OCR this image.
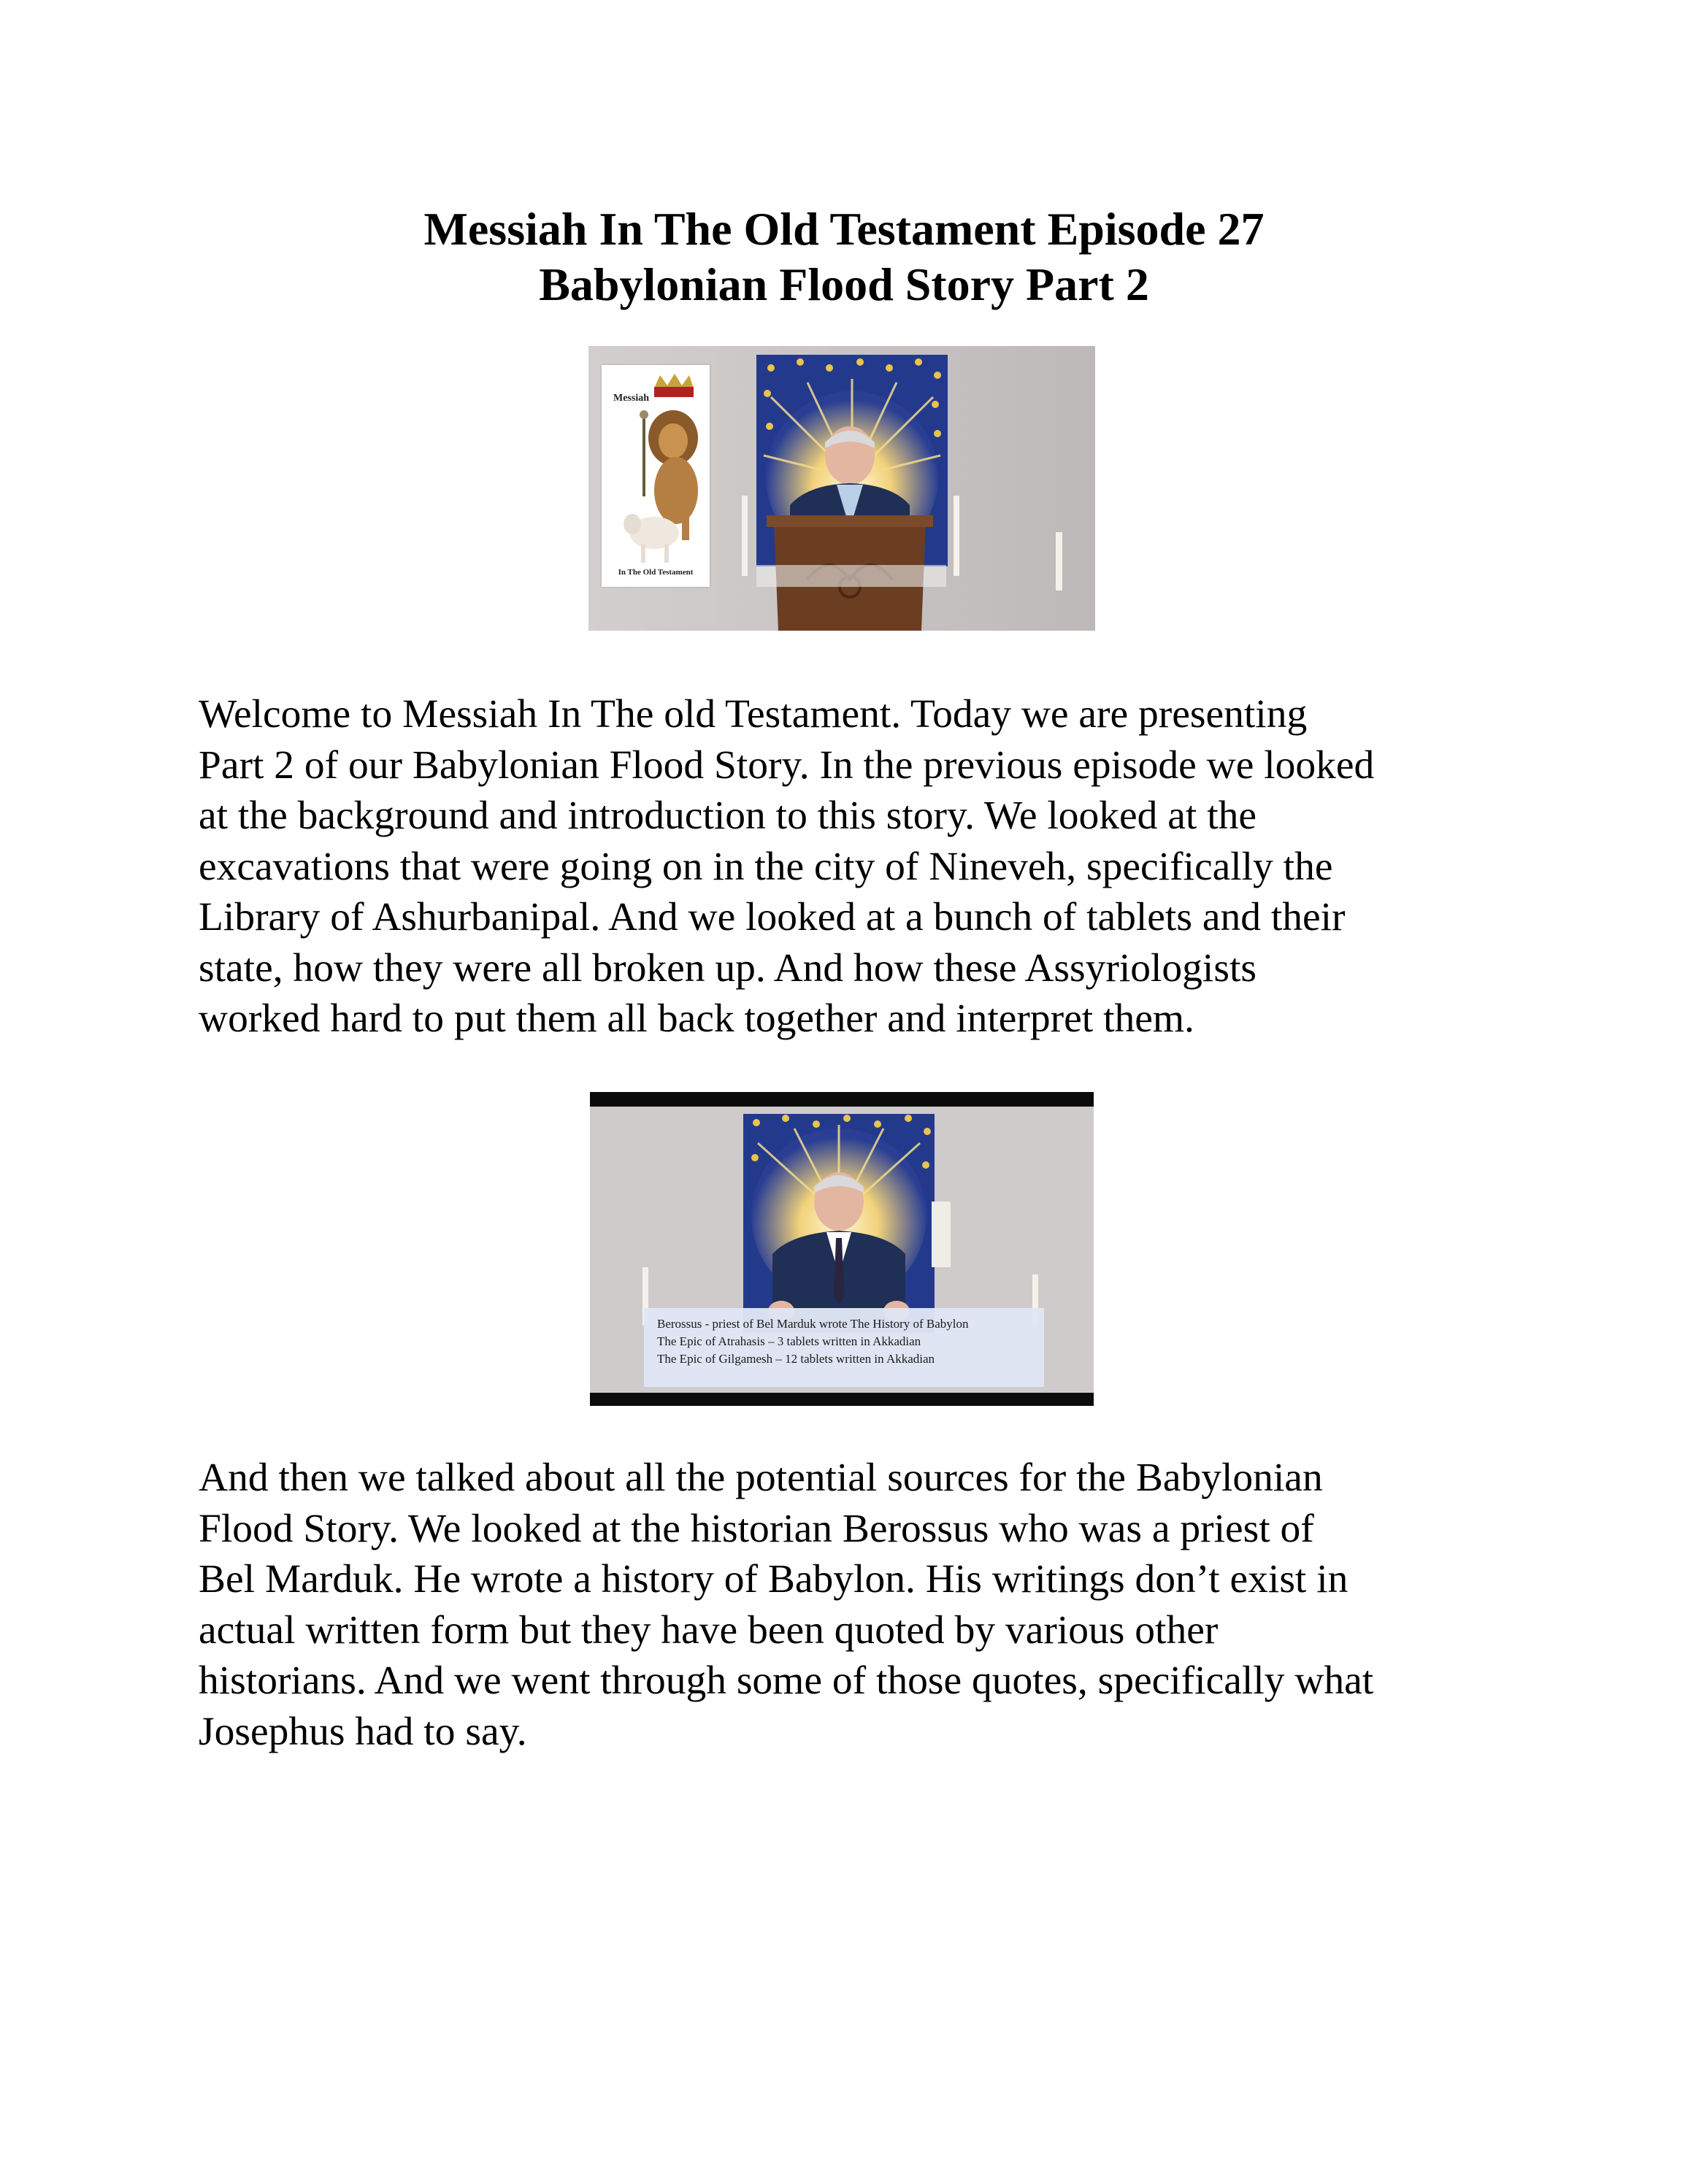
Messiah In The Old Testament Episode 27
Babylonian Flood Story Part 2
Messiah
In The Old Testament

Welcome to Messiah In The old Testament. Today we are presenting
Part 2 of our Babylonian Flood Story. In the previous episode we looked
at the background and introduction to this story. We looked at the
excavations that were going on in the city of Nineveh, specifically the
Library of Ashurbanipal. And we looked at a bunch of tablets and their
state, how they were all broken up. And how these Assyriologists
worked hard to put them all back together and interpret them.

Berossus - priest of Bel Marduk wrote The History of Babylon
The Epic of Atrahasis – 3 tablets written in Akkadian
The Epic of Gilgamesh – 12 tablets written in Akkadian

And then we talked about all the potential sources for the Babylonian
Flood Story. We looked at the historian Berossus who was a priest of
Bel Marduk. He wrote a history of Babylon. His writings don’t exist in
actual written form but they have been quoted by various other
historians. And we went through some of those quotes, specifically what
Josephus had to say.
